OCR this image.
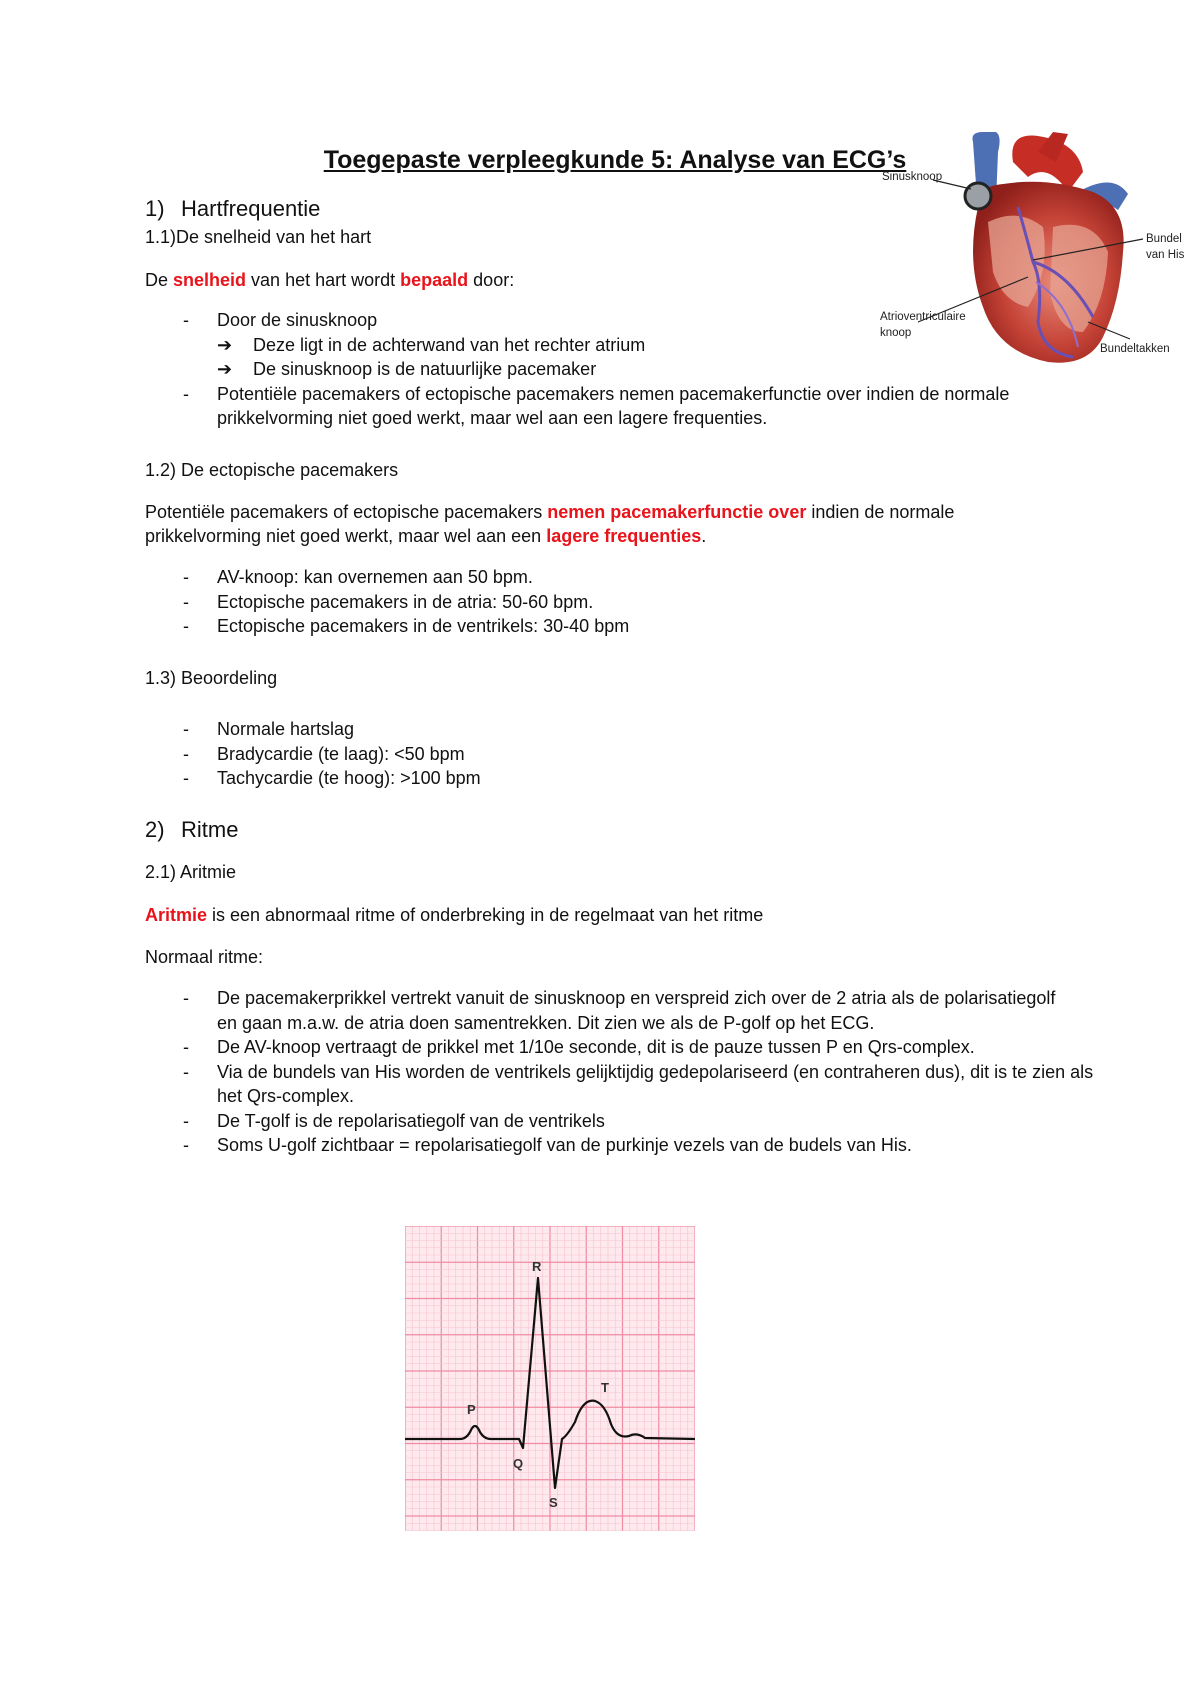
Toegepaste verpleegkunde 5: Analyse van ECG’s
1) Hartfrequentie
1.1)De snelheid van het hart
De snelheid van het hart wordt bepaald door:
- Door de sinusknoop
➔ Deze ligt in de achterwand van het rechter atrium
➔ De sinusknoop is de natuurlijke pacemaker
- Potentiële pacemakers of ectopische pacemakers nemen pacemakerfunctie over indien de normale prikkelvorming niet goed werkt, maar wel aan een lagere frequenties.
1.2) De ectopische pacemakers
Potentiële pacemakers of ectopische pacemakers nemen pacemakerfunctie over indien de normale prikkelvorming niet goed werkt, maar wel aan een lagere frequenties.
- AV-knoop: kan overnemen aan 50 bpm.
- Ectopische pacemakers in de atria: 50-60 bpm.
- Ectopische pacemakers in de ventrikels: 30-40 bpm
1.3) Beoordeling
- Normale hartslag
- Bradycardie (te laag): <50 bpm
- Tachycardie (te hoog): >100 bpm
2) Ritme
2.1) Aritmie
Aritmie is een abnormaal ritme of onderbreking in de regelmaat van het ritme
Normaal ritme:
- De pacemakerprikkel vertrekt vanuit de sinusknoop en verspreid zich over de 2 atria als de polarisatiegolf en gaan m.a.w. de atria doen samentrekken. Dit zien we als de P-golf op het ECG.
- De AV-knoop vertraagt de prikkel met 1/10e seconde, dit is de pauze tussen P en Qrs-complex.
- Via de bundels van His worden de ventrikels gelijktijdig gedepolariseerd (en contraheren dus), dit is te zien als het Qrs-complex.
- De T-golf is de repolarisatiegolf van de ventrikels
- Soms U-golf zichtbaar = repolarisatiegolf van de purkinje vezels van de budels van His.
Sinusknoop
Bundel
van His
Atrioventriculaire
knoop
Bundeltakken
P
Q
R
S
T
